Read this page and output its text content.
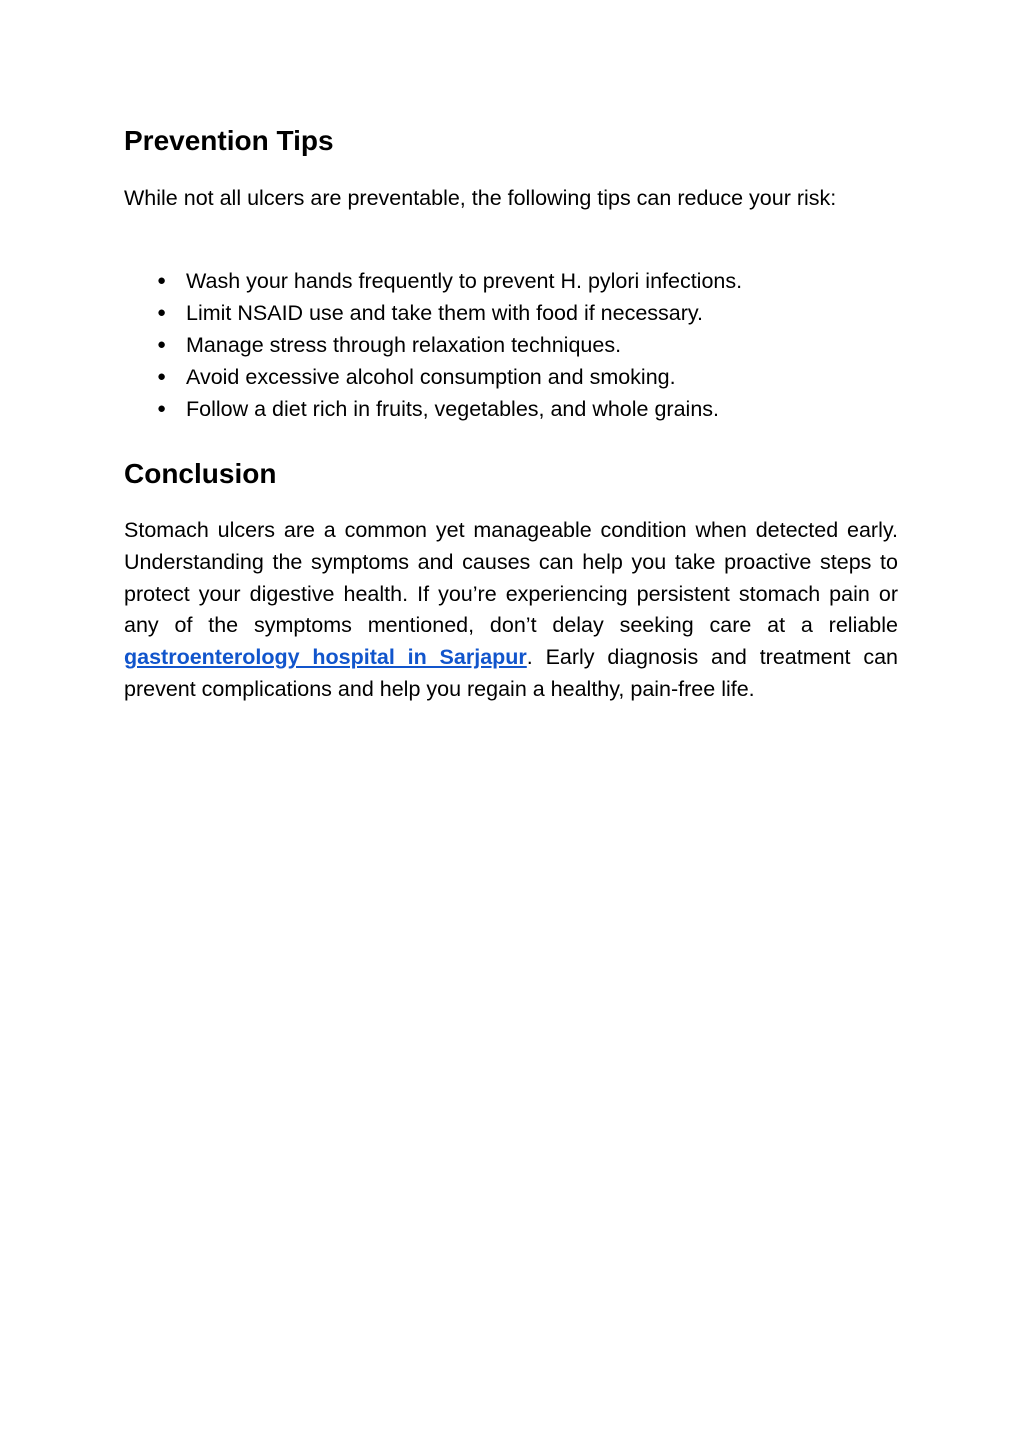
Prevention Tips

While not all ulcers are preventable, the following tips can reduce your risk:

● Wash your hands frequently to prevent H. pylori infections.
● Limit NSAID use and take them with food if necessary.
● Manage stress through relaxation techniques.
● Avoid excessive alcohol consumption and smoking.
● Follow a diet rich in fruits, vegetables, and whole grains.
Conclusion

Stomach ulcers are a common yet manageable condition when detected early. Understanding the symptoms and causes can help you take proactive steps to protect your digestive health. If you’re experiencing persistent stomach pain or any of the symptoms mentioned, don’t delay seeking care at a reliable gastroenterology hospital in Sarjapur. Early diagnosis and treatment can prevent complications and help you regain a healthy, pain-free life.
